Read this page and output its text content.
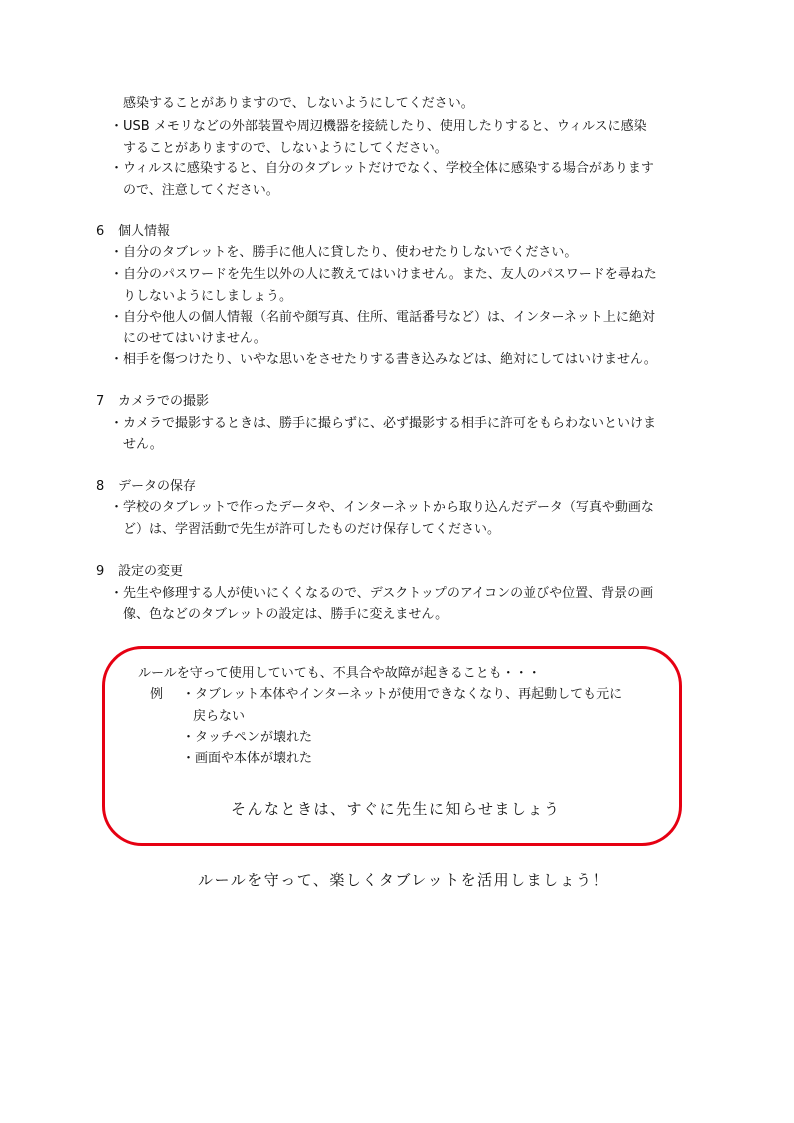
感染することがありますので、しないようにしてください。
・ USB メモリなどの外部装置や周辺機器を接続したり、使用したりすると、ウィルスに感染
することがありますので、しないようにしてください。
・ ウィルスに感染すると、自分のタブレットだけでなく、学校全体に感染する場合があります
ので、注意してください。
6 個人情報
・ 自分のタブレットを、勝手に他人に貸したり、使わせたりしないでください。
・ 自分のパスワードを先生以外の人に教えてはいけません。また、友人のパスワードを尋ねた
りしないようにしましょう。
・ 自分や他人の個人情報（名前や顔写真、住所、電話番号など）は、インターネット上に絶対
にのせてはいけません。
・ 相手を傷つけたり、いやな思いをさせたりする書き込みなどは、絶対にしてはいけません。
7 カメラでの撮影
・ カメラで撮影するときは、勝手に撮らずに、必ず撮影する相手に許可をもらわないといけま
せん。
8 データの保存
・ 学校のタブレットで作ったデータや、インターネットから取り込んだデータ（写真や動画な
ど）は、学習活動で先生が許可したものだけ保存してください。
9 設定の変更
・ 先生や修理する人が使いにくくなるので、デスクトップのアイコンの並びや位置、背景の画
像、色などのタブレットの設定は、勝手に変えません。
ルールを守って使用していても、不具合や故障が起きることも・・・
例 ・タブレット本体やインターネットが使用できなくなり、再起動しても元に
戻らない
・タッチペンが壊れた
・画面や本体が壊れた
そんなときは、すぐに先生に知らせましょう
ルールを守って、楽しくタブレットを活用しましょう！
